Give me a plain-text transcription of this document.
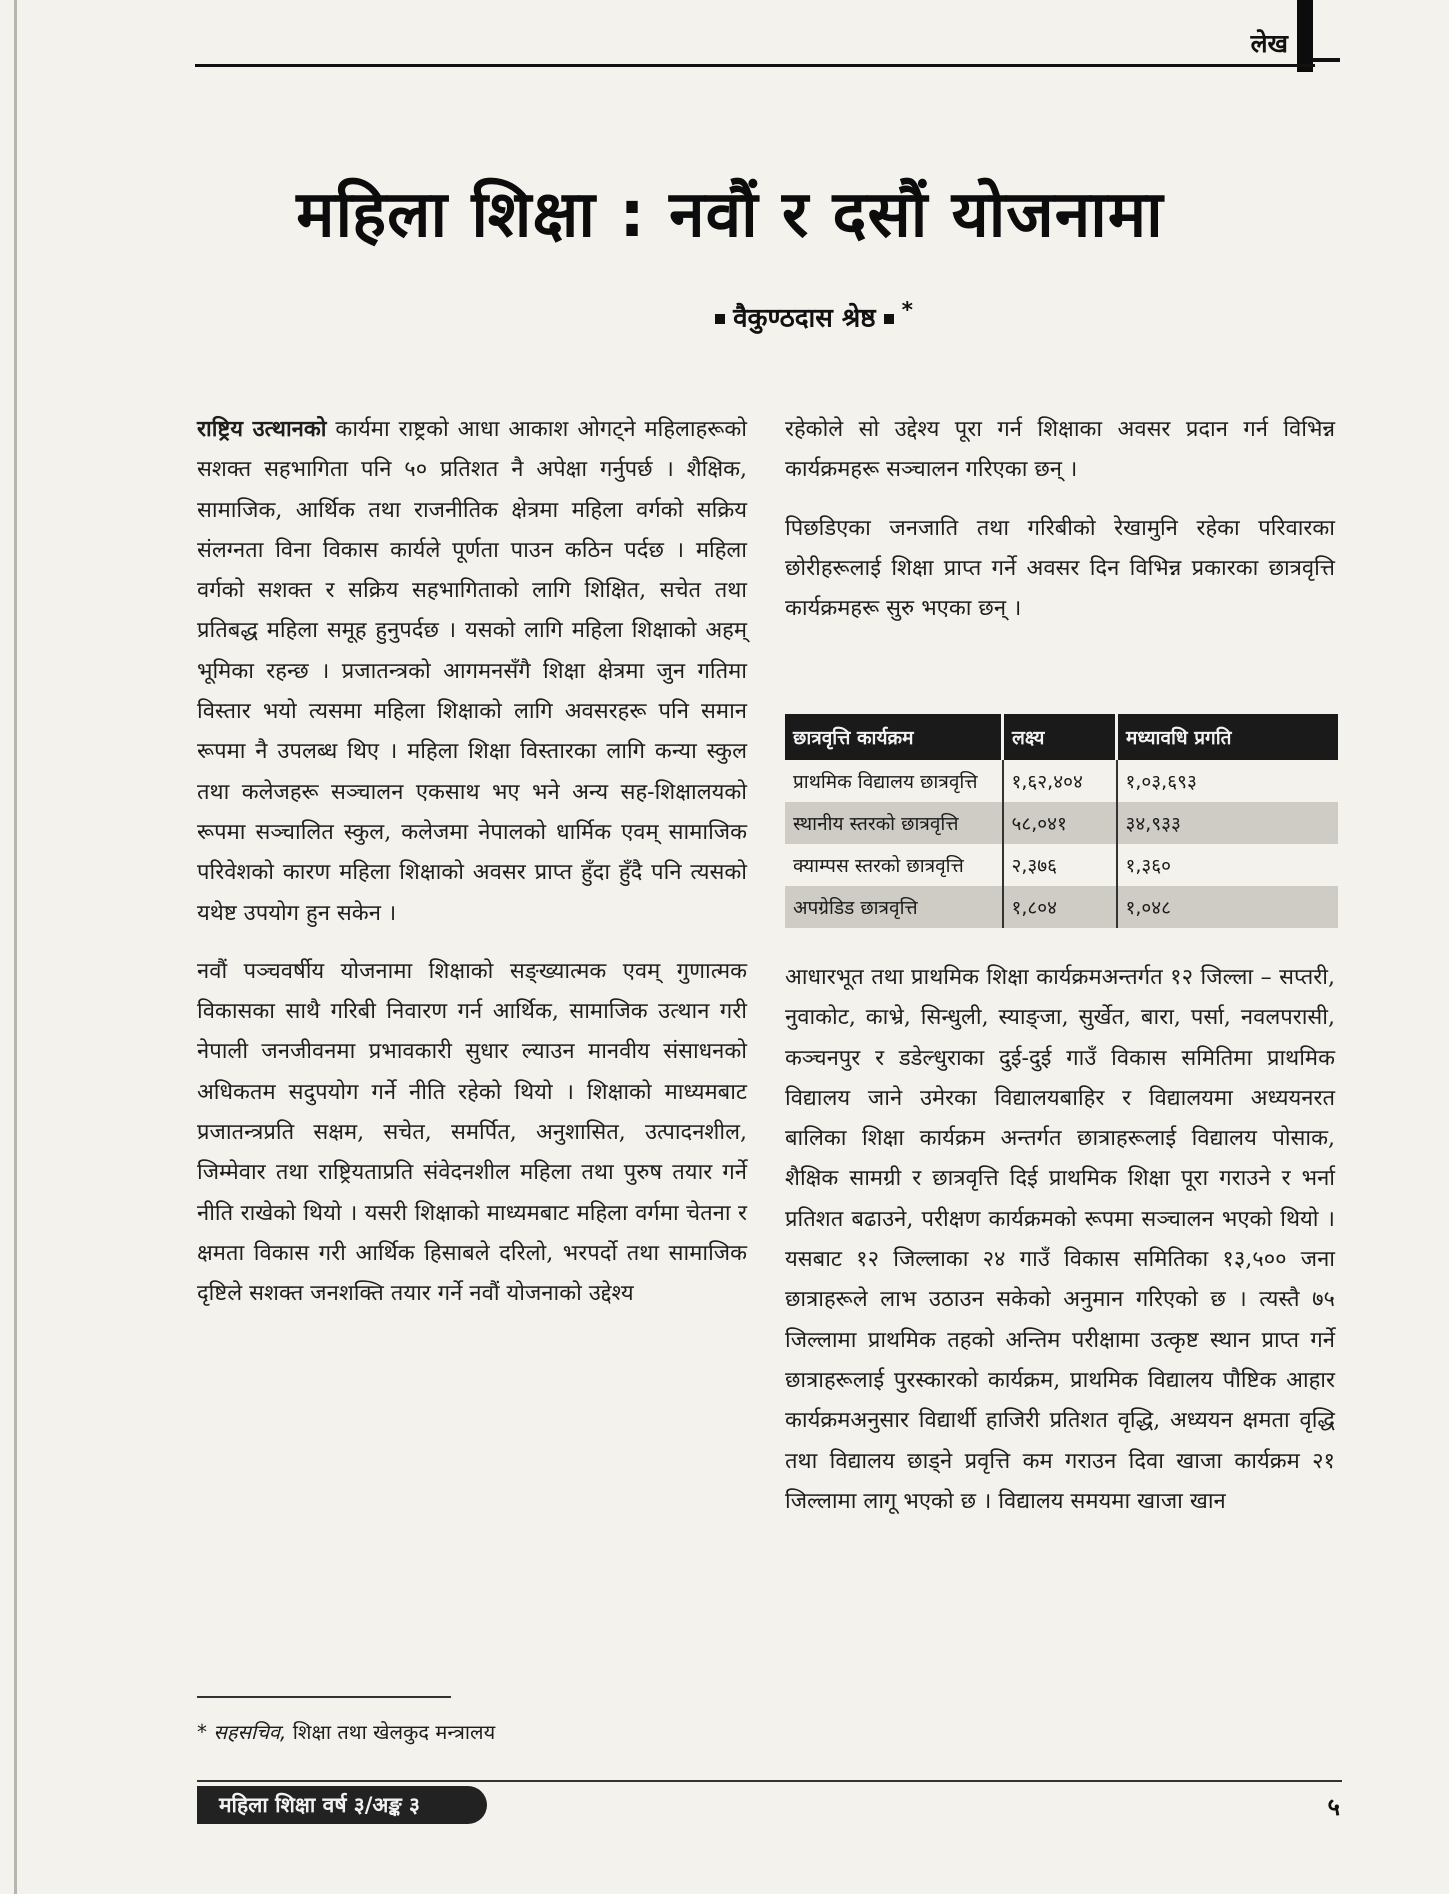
लेख
महिला शिक्षा : नवौं र दसौं योजनामा
वैकुण्ठदास श्रेष्ठ *

राष्ट्रिय उत्थानको कार्यमा राष्ट्रको आधा आकाश ओगट्ने महिलाहरूको सशक्त सहभागिता पनि ५० प्रतिशत नै अपेक्षा गर्नुपर्छ । शैक्षिक, सामाजिक, आर्थिक तथा राजनीतिक क्षेत्रमा महिला वर्गको सक्रिय संलग्नता विना विकास कार्यले पूर्णता पाउन कठिन पर्दछ । महिला वर्गको सशक्त र सक्रिय सहभागिताको लागि शिक्षित, सचेत तथा प्रतिबद्ध महिला समूह हुनुपर्दछ । यसको लागि महिला शिक्षाको अहम् भूमिका रहन्छ । प्रजातन्त्रको आगमनसँगै शिक्षा क्षेत्रमा जुन गतिमा विस्तार भयो त्यसमा महिला शिक्षाको लागि अवसरहरू पनि समान रूपमा नै उपलब्ध थिए । महिला शिक्षा विस्तारका लागि कन्या स्कुल तथा कलेजहरू सञ्चालन एकसाथ भए भने अन्य सह-शिक्षालयको रूपमा सञ्चालित स्कुल, कलेजमा नेपालको धार्मिक एवम् सामाजिक परिवेशको कारण महिला शिक्षाको अवसर प्राप्त हुँदा हुँदै पनि त्यसको यथेष्ट उपयोग हुन सकेन ।

नवौं पञ्चवर्षीय योजनामा शिक्षाको सङ्ख्यात्मक एवम् गुणात्मक विकासका साथै गरिबी निवारण गर्न आर्थिक, सामाजिक उत्थान गरी नेपाली जनजीवनमा प्रभावकारी सुधार ल्याउन मानवीय संसाधनको अधिकतम सदुपयोग गर्ने नीति रहेको थियो । शिक्षाको माध्यमबाट प्रजातन्त्रप्रति सक्षम, सचेत, समर्पित, अनुशासित, उत्पादनशील, जिम्मेवार तथा राष्ट्रियताप्रति संवेदनशील महिला तथा पुरुष तयार गर्ने नीति राखेको थियो । यसरी शिक्षाको माध्यमबाट महिला वर्गमा चेतना र क्षमता विकास गरी आर्थिक हिसाबले दरिलो, भरपर्दो तथा सामाजिक दृष्टिले सशक्त जनशक्ति तयार गर्ने नवौं योजनाको उद्देश्य

रहेकोले सो उद्देश्य पूरा गर्न शिक्षाका अवसर प्रदान गर्न विभिन्न कार्यक्रमहरू सञ्चालन गरिएका छन् ।

पिछडिएका जनजाति तथा गरिबीको रेखामुनि रहेका परिवारका छोरीहरूलाई शिक्षा प्राप्त गर्ने अवसर दिन विभिन्न प्रकारका छात्रवृत्ति कार्यक्रमहरू सुरु भएका छन् ।

छात्रवृत्ति कार्यक्रम	लक्ष्य	मध्यावधि प्रगति
प्राथमिक विद्यालय छात्रवृत्ति	१,६२,४०४	१,०३,६९३
स्थानीय स्तरको छात्रवृत्ति	५८,०४१	३४,९३३
क्याम्पस स्तरको छात्रवृत्ति	२,३७६	१,३६०
अपग्रेडिड छात्रवृत्ति	१,८०४	१,०४८

आधारभूत तथा प्राथमिक शिक्षा कार्यक्रमअन्तर्गत १२ जिल्ला – सप्तरी, नुवाकोट, काभ्रे, सिन्धुली, स्याङ्जा, सुर्खेत, बारा, पर्सा, नवलपरासी, कञ्चनपुर र डडेल्धुराका दुई-दुई गाउँ विकास समितिमा प्राथमिक विद्यालय जाने उमेरका विद्यालयबाहिर र विद्यालयमा अध्ययनरत बालिका शिक्षा कार्यक्रम अन्तर्गत छात्राहरूलाई विद्यालय पोसाक, शैक्षिक सामग्री र छात्रवृत्ति दिई प्राथमिक शिक्षा पूरा गराउने र भर्ना प्रतिशत बढाउने, परीक्षण कार्यक्रमको रूपमा सञ्चालन भएको थियो । यसबाट १२ जिल्लाका २४ गाउँ विकास समितिका १३,५०० जना छात्राहरूले लाभ उठाउन सकेको अनुमान गरिएको छ । त्यस्तै ७५ जिल्लामा प्राथमिक तहको अन्तिम परीक्षामा उत्कृष्ट स्थान प्राप्त गर्ने छात्राहरूलाई पुरस्कारको कार्यक्रम, प्राथमिक विद्यालय पौष्टिक आहार कार्यक्रमअनुसार विद्यार्थी हाजिरी प्रतिशत वृद्धि, अध्ययन क्षमता वृद्धि तथा विद्यालय छाड्ने प्रवृत्ति कम गराउन दिवा खाजा कार्यक्रम २१ जिल्लामा लागू भएको छ । विद्यालय समयमा खाजा खान

* सहसचिव, शिक्षा तथा खेलकुद मन्त्रालय
महिला शिक्षा वर्ष ३/अङ्क ३	५
